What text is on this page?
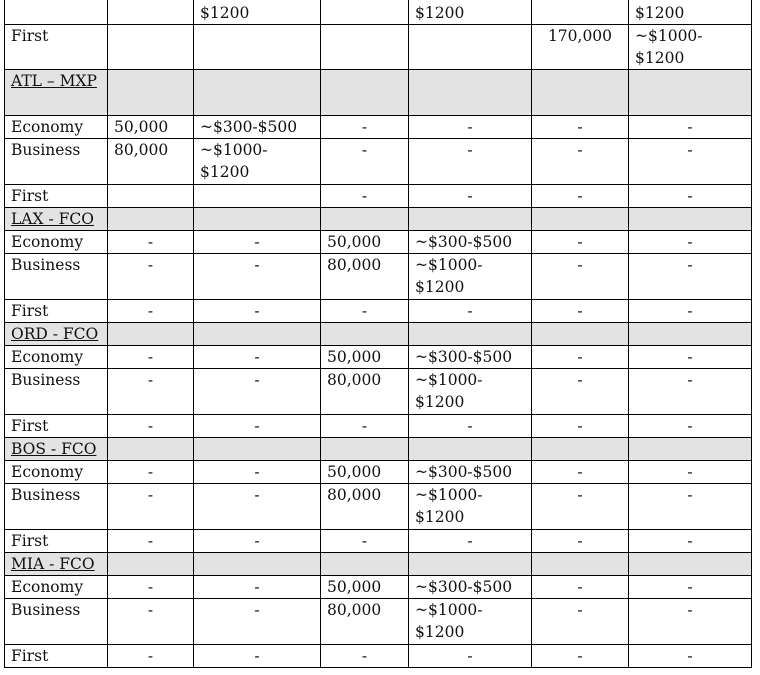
		$1200		$1200		$1200
First					170,000	~$1000-
$1200
ATL – MXP						
Economy	50,000	~$300-$500	-	-	-	-
Business	80,000	~$1000-
$1200	-	-	-	-
First			-	-	-	-
LAX - FCO						
Economy	-	-	50,000	~$300-$500	-	-
Business	-	-	80,000	~$1000-
$1200	-	-
First	-	-	-	-	-	-
ORD - FCO						
Economy	-	-	50,000	~$300-$500	-	-
Business	-	-	80,000	~$1000-
$1200	-	-
First	-	-	-	-	-	-
BOS - FCO						
Economy	-	-	50,000	~$300-$500	-	-
Business	-	-	80,000	~$1000-
$1200	-	-
First	-	-	-	-	-	-
MIA - FCO						
Economy	-	-	50,000	~$300-$500	-	-
Business	-	-	80,000	~$1000-
$1200	-	-
First	-	-	-	-	-	-
